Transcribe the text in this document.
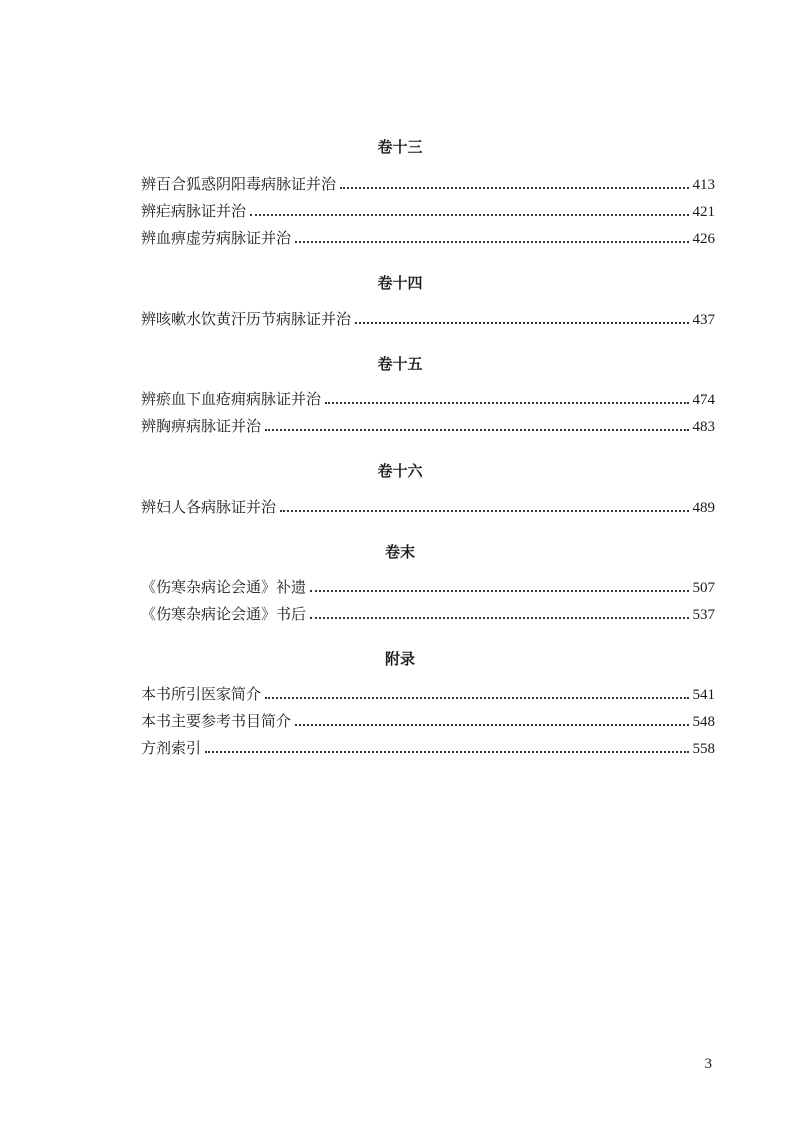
卷十三
辨百合狐惑阴阳毒病脉证并治	413
辨疟病脉证并治	421
辨血痹虚劳病脉证并治	426
卷十四
辨咳嗽水饮黄汗历节病脉证并治	437
卷十五
辨瘀血下血疮痈病脉证并治	474
辨胸痹病脉证并治	483
卷十六
辨妇人各病脉证并治	489
卷末
《伤寒杂病论会通》补遗	507
《伤寒杂病论会通》书后	537
附录
本书所引医家简介	541
本书主要参考书目简介	548
方剂索引	558
3
